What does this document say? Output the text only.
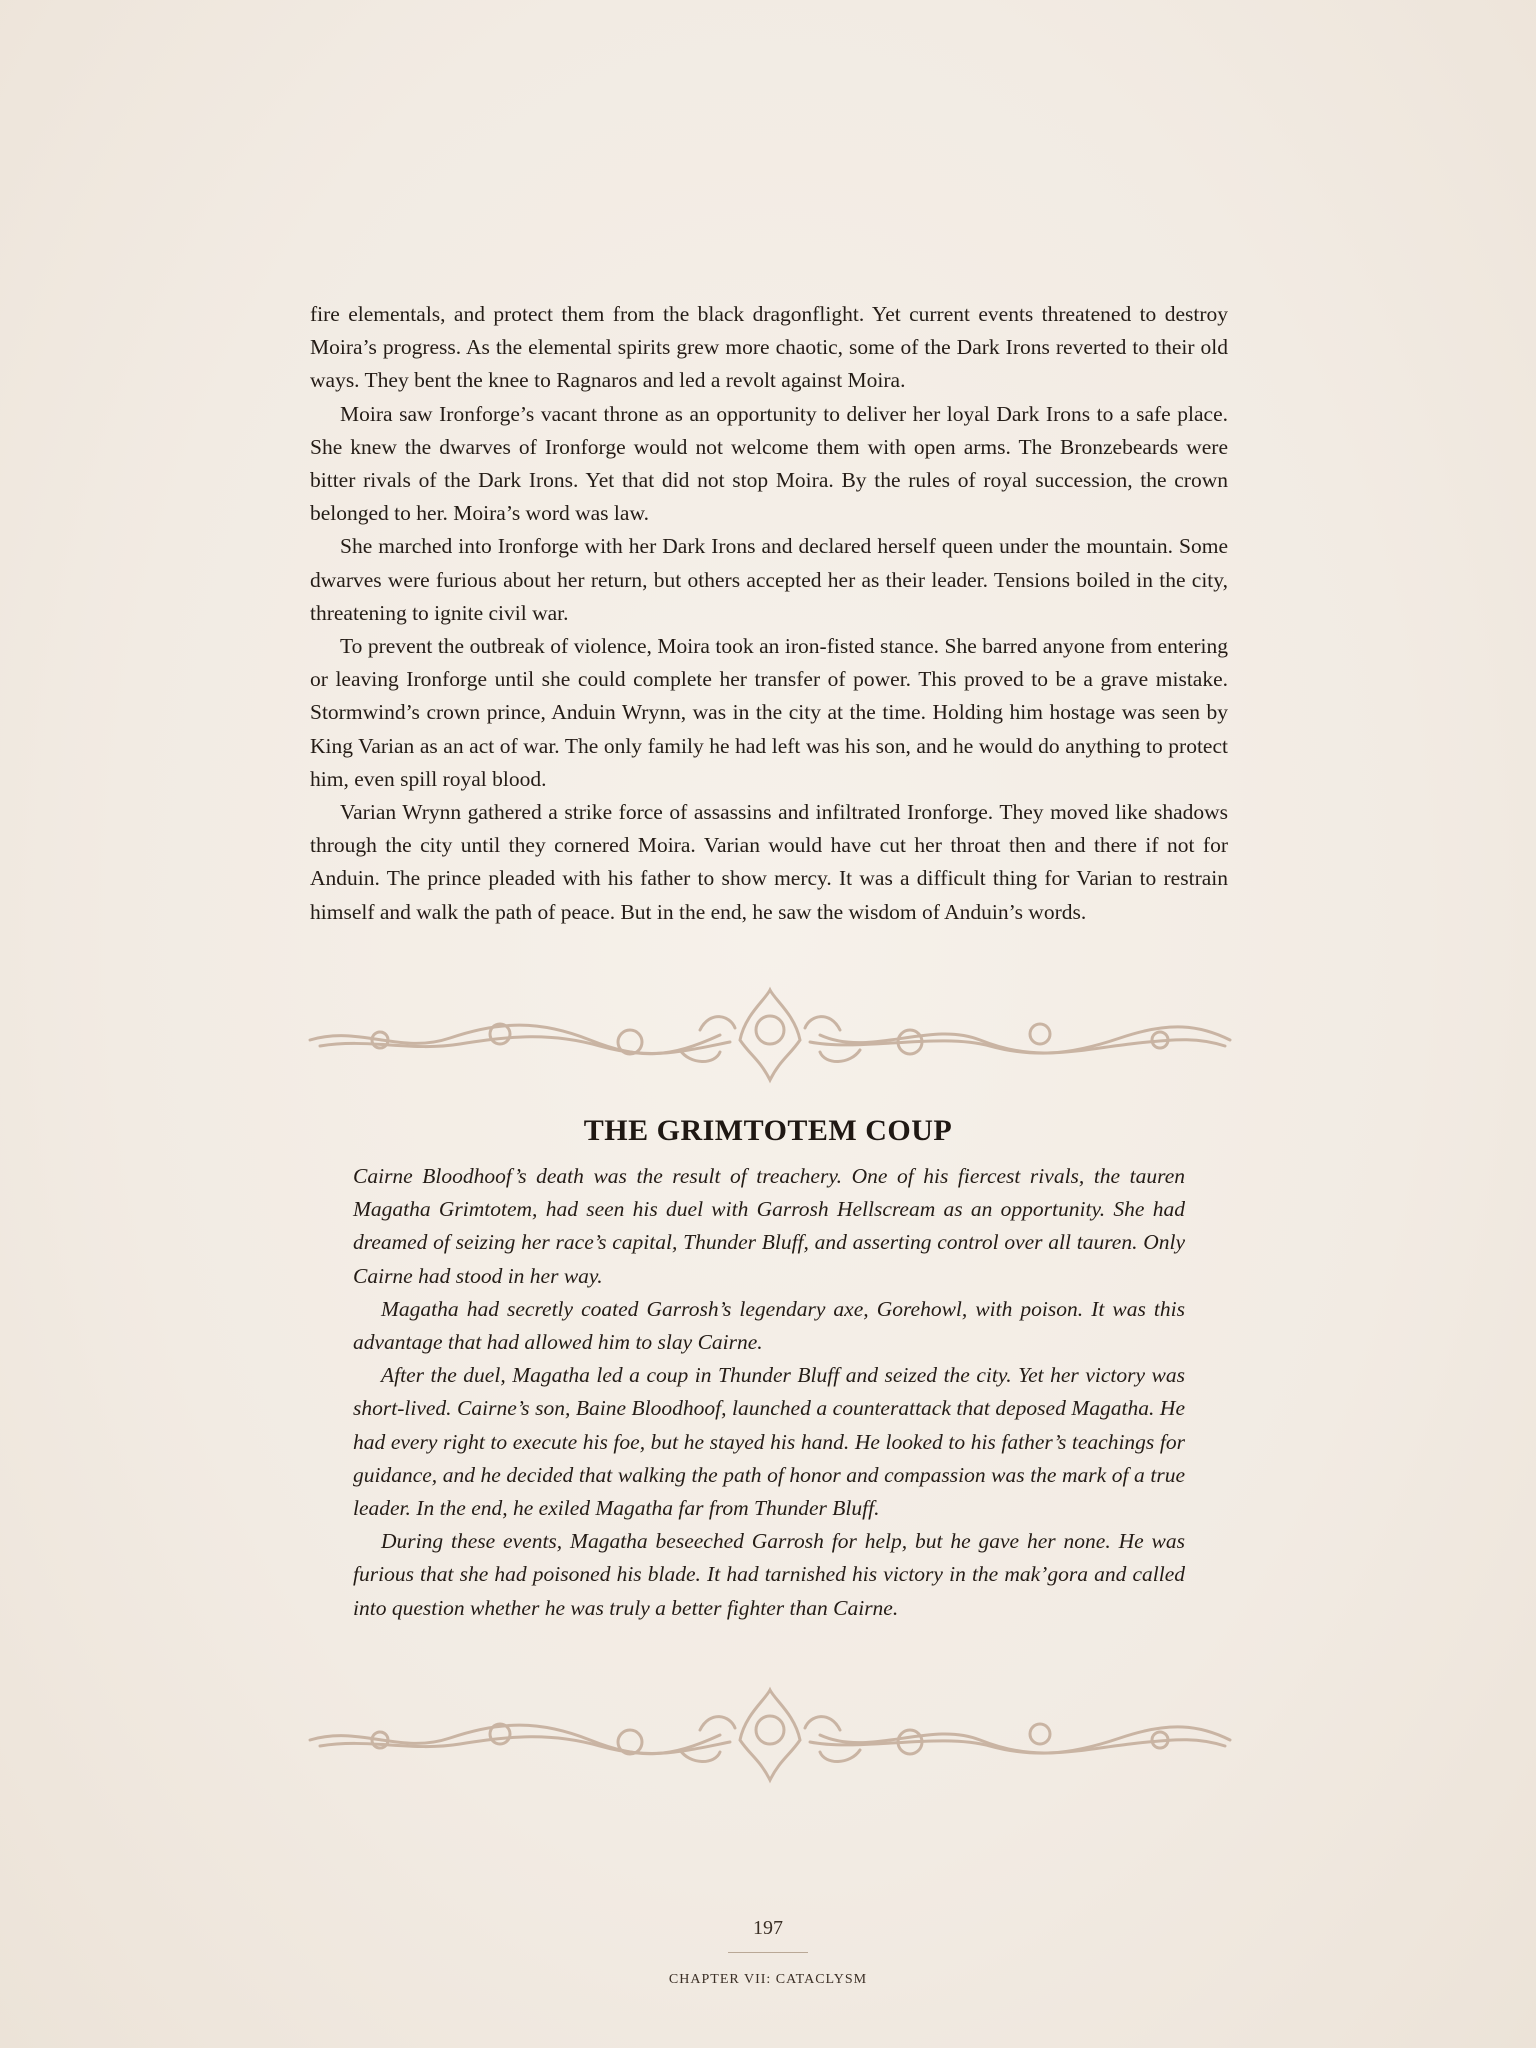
fire elementals, and protect them from the black dragonflight. Yet current events threatened to destroy Moira’s progress. As the elemental spirits grew more chaotic, some of the Dark Irons reverted to their old ways. They bent the knee to Ragnaros and led a revolt against Moira.

Moira saw Ironforge’s vacant throne as an opportunity to deliver her loyal Dark Irons to a safe place. She knew the dwarves of Ironforge would not welcome them with open arms. The Bronzebeards were bitter rivals of the Dark Irons. Yet that did not stop Moira. By the rules of royal succession, the crown belonged to her. Moira’s word was law.

She marched into Ironforge with her Dark Irons and declared herself queen under the mountain. Some dwarves were furious about her return, but others accepted her as their leader. Tensions boiled in the city, threatening to ignite civil war.

To prevent the outbreak of violence, Moira took an iron-fisted stance. She barred anyone from entering or leaving Ironforge until she could complete her transfer of power. This proved to be a grave mistake. Stormwind’s crown prince, Anduin Wrynn, was in the city at the time. Holding him hostage was seen by King Varian as an act of war. The only family he had left was his son, and he would do anything to protect him, even spill royal blood.

Varian Wrynn gathered a strike force of assassins and infiltrated Ironforge. They moved like shadows through the city until they cornered Moira. Varian would have cut her throat then and there if not for Anduin. The prince pleaded with his father to show mercy. It was a difficult thing for Varian to restrain himself and walk the path of peace. But in the end, he saw the wisdom of Anduin’s words.

THE GRIMTOTEM COUP

Cairne Bloodhoof’s death was the result of treachery. One of his fiercest rivals, the tauren Magatha Grimtotem, had seen his duel with Garrosh Hellscream as an opportunity. She had dreamed of seizing her race’s capital, Thunder Bluff, and asserting control over all tauren. Only Cairne had stood in her way.

Magatha had secretly coated Garrosh’s legendary axe, Gorehowl, with poison. It was this advantage that had allowed him to slay Cairne.

After the duel, Magatha led a coup in Thunder Bluff and seized the city. Yet her victory was short-lived. Cairne’s son, Baine Bloodhoof, launched a counterattack that deposed Magatha. He had every right to execute his foe, but he stayed his hand. He looked to his father’s teachings for guidance, and he decided that walking the path of honor and compassion was the mark of a true leader. In the end, he exiled Magatha far from Thunder Bluff.

During these events, Magatha beseeched Garrosh for help, but he gave her none. He was furious that she had poisoned his blade. It had tarnished his victory in the mak’gora and called into question whether he was truly a better fighter than Cairne.

197
CHAPTER VII: CATACLYSM
